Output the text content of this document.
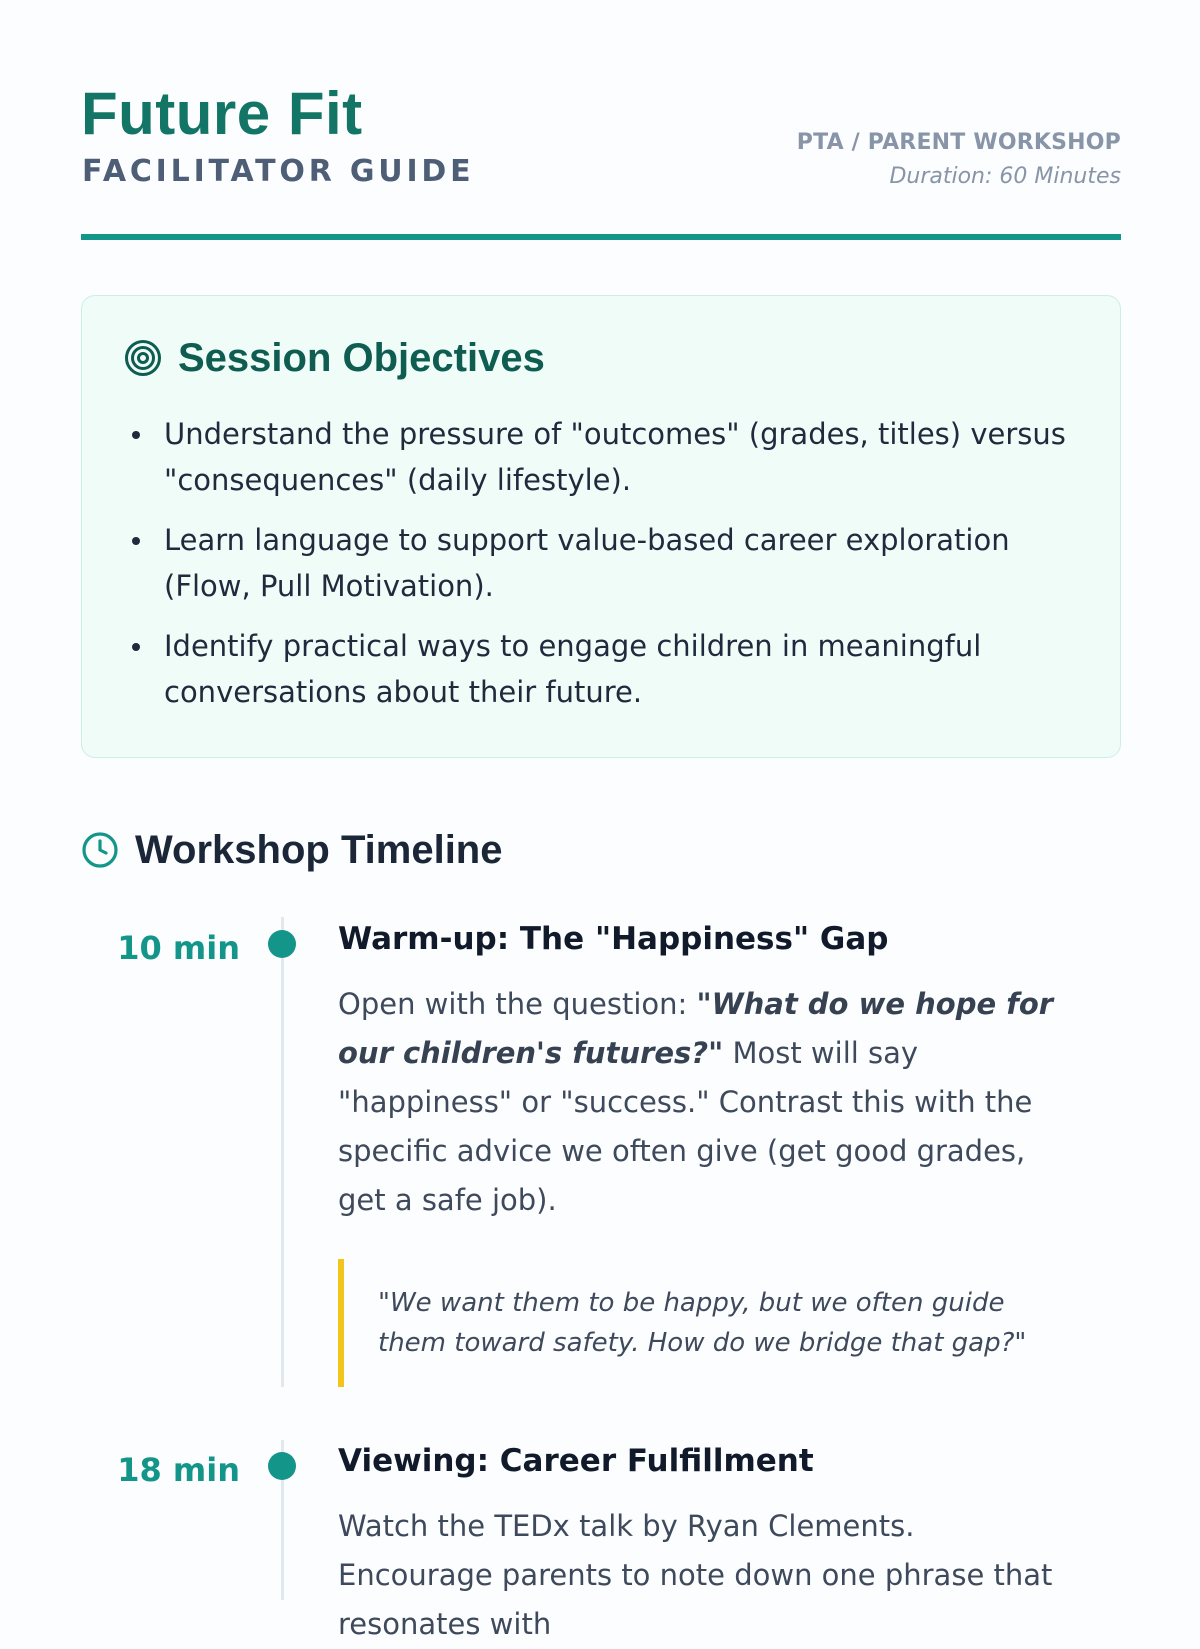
Future Fit
FACILITATOR GUIDE
PTA / PARENT WORKSHOP
Duration: 60 Minutes
Session Objectives
Understand the pressure of "outcomes" (grades, titles) versus "consequences" (daily lifestyle).
Learn language to support value-based career exploration (Flow, Pull Motivation).
Identify practical ways to engage children in meaningful conversations about their future.
Workshop Timeline
10 min	Warm-up: The "Happiness" Gap

Open with the question: "What do we hope for our children's futures?" Most will say "happiness" or "success." Contrast this with the specific advice we often give (get good grades, get a safe job).

"We want them to be happy, but we often guide them toward safety. How do we bridge that gap?"
18 min	Viewing: Career Fulfillment

Watch the TEDx talk by Ryan Clements. Encourage parents to note down one phrase that resonates with
